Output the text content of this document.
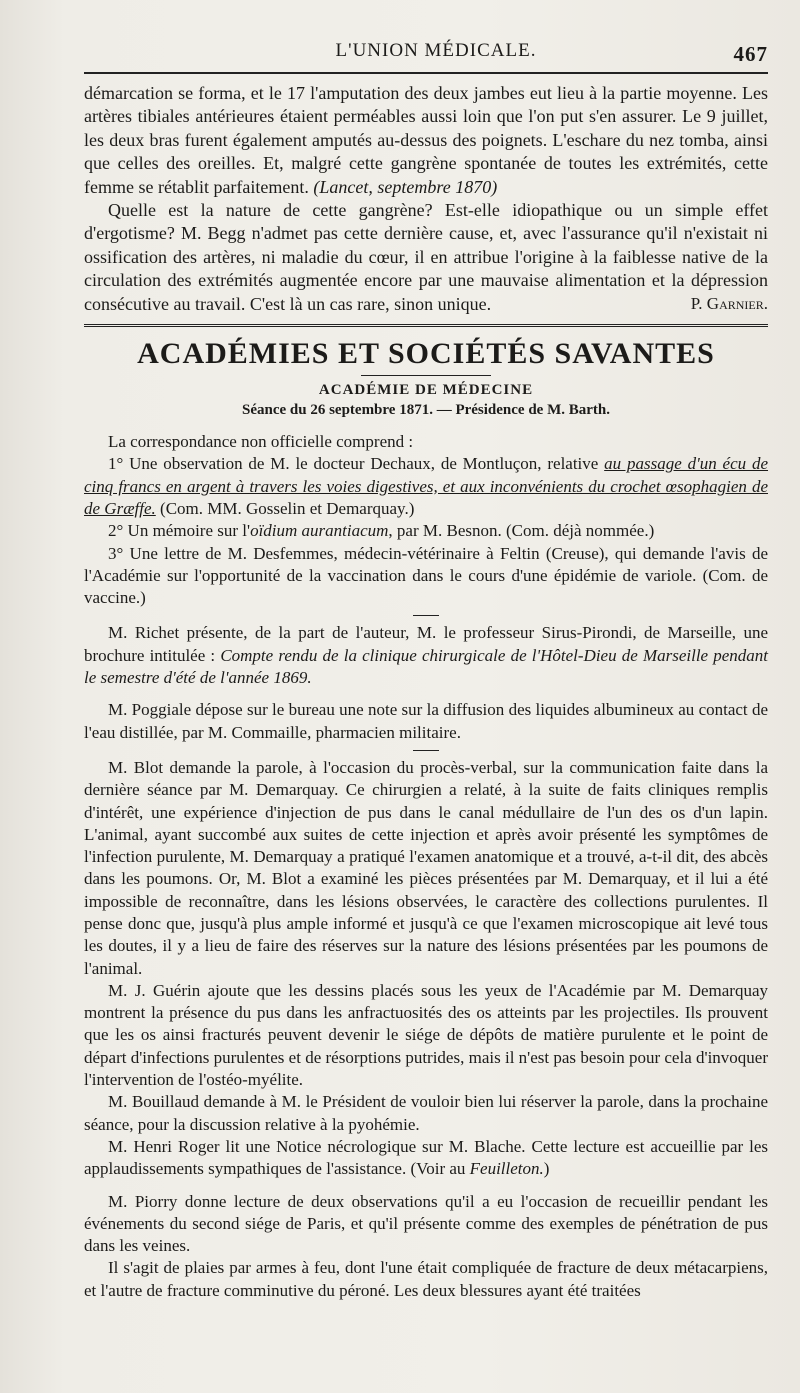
L'UNION MÉDICALE.	467

démarcation se forma, et le 17 l'amputation des deux jambes eut lieu à la partie moyenne. Les artères tibiales antérieures étaient perméables aussi loin que l'on put s'en assurer. Le 9 juillet, les deux bras furent également amputés au-dessus des poignets. L'eschare du nez tomba, ainsi que celles des oreilles. Et, malgré cette gangrène spontanée de toutes les extrémités, cette femme se rétablit parfaitement. (Lancet, septembre 1870)

Quelle est la nature de cette gangrène? Est-elle idiopathique ou un simple effet d'ergotisme? M. Begg n'admet pas cette dernière cause, et, avec l'assurance qu'il n'existait ni ossification des artères, ni maladie du cœur, il en attribue l'origine à la faiblesse native de la circulation des extrémités augmentée encore par une mauvaise alimentation et la dépression consécutive au travail. C'est là un cas rare, sinon unique.	P. Garnier.
ACADÉMIES ET SOCIÉTÉS SAVANTES
ACADÉMIE DE MÉDECINE
Séance du 26 septembre 1871. — Présidence de M. Barth.

La correspondance non officielle comprend :

1° Une observation de M. le docteur Dechaux, de Montluçon, relative au passage d'un écu de cinq francs en argent à travers les voies digestives, et aux inconvénients du crochet œsophagien de de Græffe. (Com. MM. Gosselin et Demarquay.)

2° Un mémoire sur l'oïdium aurantiacum, par M. Besnon. (Com. déjà nommée.)

3° Une lettre de M. Desfemmes, médecin-vétérinaire à Feltin (Creuse), qui demande l'avis de l'Académie sur l'opportunité de la vaccination dans le cours d'une épidémie de variole. (Com. de vaccine.)

M. Richet présente, de la part de l'auteur, M. le professeur Sirus-Pirondi, de Marseille, une brochure intitulée : Compte rendu de la clinique chirurgicale de l'Hôtel-Dieu de Marseille pendant le semestre d'été de l'année 1869.

M. Poggiale dépose sur le bureau une note sur la diffusion des liquides albumineux au contact de l'eau distillée, par M. Commaille, pharmacien militaire.

M. Blot demande la parole, à l'occasion du procès-verbal, sur la communication faite dans la dernière séance par M. Demarquay. Ce chirurgien a relaté, à la suite de faits cliniques remplis d'intérêt, une expérience d'injection de pus dans le canal médullaire de l'un des os d'un lapin. L'animal, ayant succombé aux suites de cette injection et après avoir présenté les symptômes de l'infection purulente, M. Demarquay a pratiqué l'examen anatomique et a trouvé, a-t-il dit, des abcès dans les poumons. Or, M. Blot a examiné les pièces présentées par M. Demarquay, et il lui a été impossible de reconnaître, dans les lésions observées, le caractère des collections purulentes. Il pense donc que, jusqu'à plus ample informé et jusqu'à ce que l'examen microscopique ait levé tous les doutes, il y a lieu de faire des réserves sur la nature des lésions présentées par les poumons de l'animal.

M. J. Guérin ajoute que les dessins placés sous les yeux de l'Académie par M. Demarquay montrent la présence du pus dans les anfractuosités des os atteints par les projectiles. Ils prouvent que les os ainsi fracturés peuvent devenir le siége de dépôts de matière purulente et le point de départ d'infections purulentes et de résorptions putrides, mais il n'est pas besoin pour cela d'invoquer l'intervention de l'ostéo-myélite.

M. Bouillaud demande à M. le Président de vouloir bien lui réserver la parole, dans la prochaine séance, pour la discussion relative à la pyohémie.

M. Henri Roger lit une Notice nécrologique sur M. Blache. Cette lecture est accueillie par les applaudissements sympathiques de l'assistance. (Voir au Feuilleton.)

M. Piorry donne lecture de deux observations qu'il a eu l'occasion de recueillir pendant les événements du second siége de Paris, et qu'il présente comme des exemples de pénétration de pus dans les veines.

Il s'agit de plaies par armes à feu, dont l'une était compliquée de fracture de deux métacarpiens, et l'autre de fracture comminutive du péroné. Les deux blessures ayant été traitées
